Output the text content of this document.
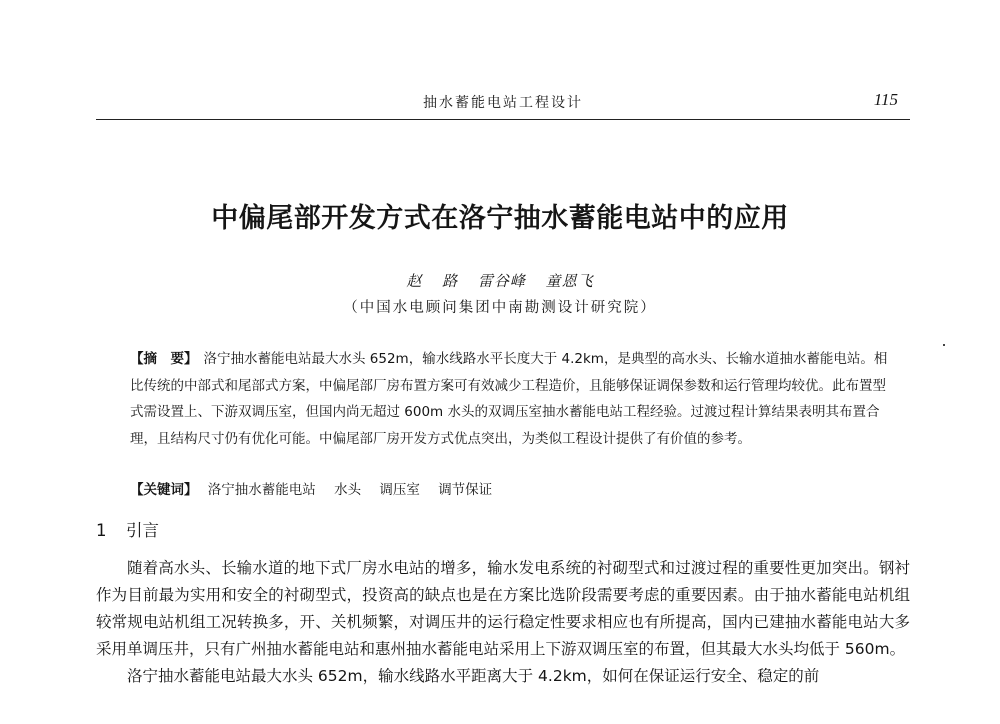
抽水蓄能电站工程设计	115
中偏尾部开发方式在洛宁抽水蓄能电站中的应用
赵 路 雷谷峰 童恩飞
（中国水电顾问集团中南勘测设计研究院）

【摘　要】 洛宁抽水蓄能电站最大水头 652m，输水线路水平长度大于 4.2km，是典型的高水头、长输水道抽水蓄能电站。相比传统的中部式和尾部式方案，中偏尾部厂房布置方案可有效减少工程造价，且能够保证调保参数和运行管理均较优。此布置型式需设置上、下游双调压室，但国内尚无超过 600m 水头的双调压室抽水蓄能电站工程经验。过渡过程计算结果表明其布置合理，且结构尺寸仍有优化可能。中偏尾部厂房开发方式优点突出，为类似工程设计提供了有价值的参考。

【关键词】 洛宁抽水蓄能电站 水头 调压室 调节保证
1 引言

随着高水头、长输水道的地下式厂房水电站的增多，输水发电系统的衬砌型式和过渡过程的重要性更加突出。钢衬作为目前最为实用和安全的衬砌型式，投资高的缺点也是在方案比选阶段需要考虑的重要因素。由于抽水蓄能电站机组较常规电站机组工况转换多，开、关机频繁，对调压井的运行稳定性要求相应也有所提高，国内已建抽水蓄能电站大多采用单调压井，只有广州抽水蓄能电站和惠州抽水蓄能电站采用上下游双调压室的布置，但其最大水头均低于 560m。

洛宁抽水蓄能电站最大水头 652m，输水线路水平距离大于 4.2km，如何在保证运行安全、稳定的前
